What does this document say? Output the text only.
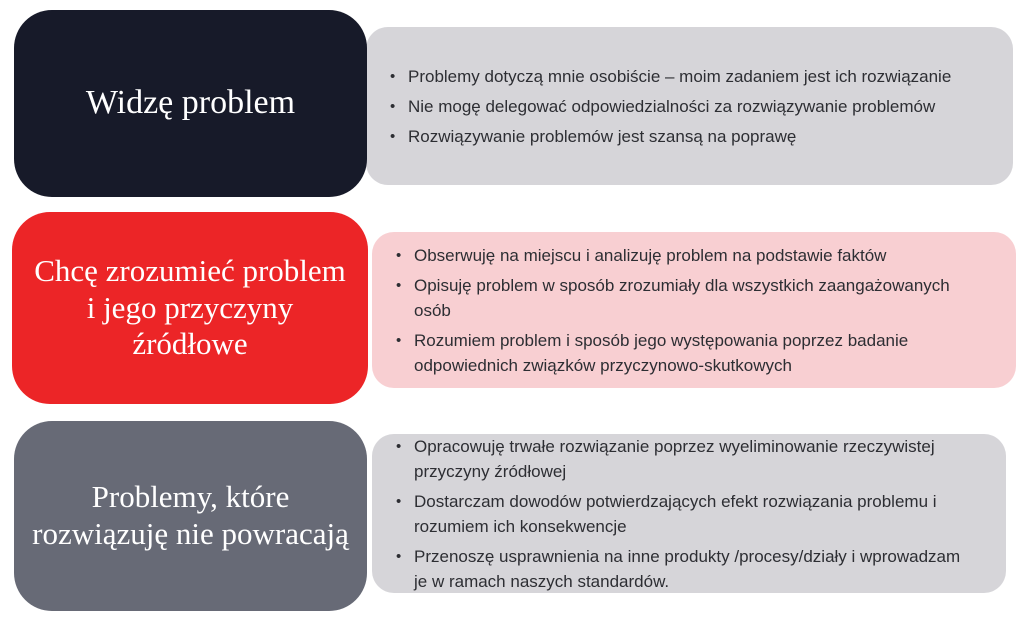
Widzę problem
• Problemy dotyczą mnie osobiście – moim zadaniem jest ich rozwiązanie
• Nie mogę delegować odpowiedzialności za rozwiązywanie problemów
• Rozwiązywanie problemów jest szansą na poprawę
Chcę zrozumieć problem i jego przyczyny źródłowe
• Obserwuję na miejscu i analizuję problem na podstawie faktów
• Opisuję problem w sposób zrozumiały dla wszystkich zaangażowanych osób
• Rozumiem problem i sposób jego występowania poprzez badanie odpowiednich związków przyczynowo-skutkowych
Problemy, które rozwiązuję nie powracają
• Opracowuję trwałe rozwiązanie poprzez wyeliminowanie rzeczywistej przyczyny źródłowej
• Dostarczam dowodów potwierdzających efekt rozwiązania problemu i rozumiem ich konsekwencje
• Przenoszę usprawnienia na inne produkty /procesy/działy i wprowadzam je w ramach naszych standardów.
